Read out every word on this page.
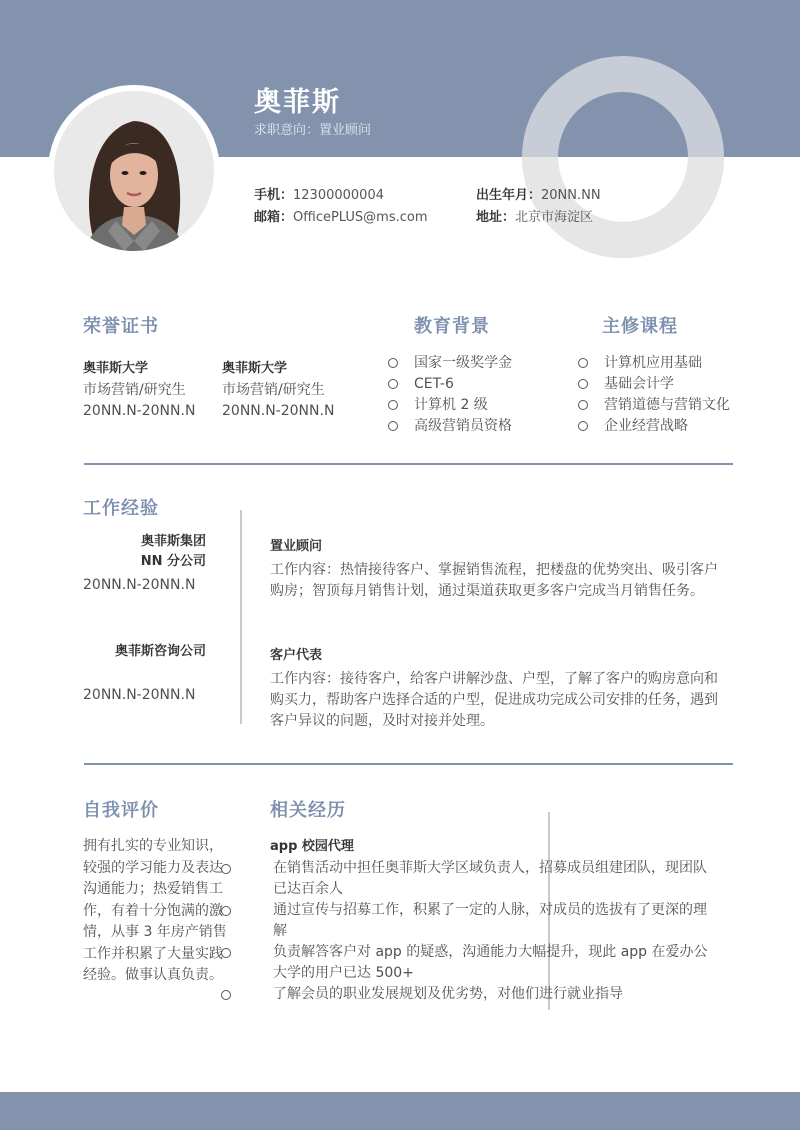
奥菲斯
求职意向：置业顾问
手机：12300000004
邮箱：OfficePLUS@ms.com
出生年月：20NN.NN
地址：北京市海淀区
荣誉证书
奥菲斯大学
市场营销/研究生
20NN.N-20NN.N
奥菲斯大学
市场营销/研究生
20NN.N-20NN.N
教育背景
国家一级奖学金
CET-6
计算机 2 级
高级营销员资格
主修课程
计算机应用基础
基础会计学
营销道德与营销文化
企业经营战略
工作经验
奥菲斯集团
NN 分公司
20NN.N-20NN.N
置业顾问
工作内容：热情接待客户、掌握销售流程，把楼盘的优势突出、吸引客户购房；智顶每月销售计划，通过渠道获取更多客户完成当月销售任务。
奥菲斯咨询公司
20NN.N-20NN.N
客户代表
工作内容：接待客户，给客户讲解沙盘、户型，了解了客户的购房意向和购买力，帮助客户选择合适的户型，促进成功完成公司安排的任务，遇到客户异议的问题，及时对接并处理。
自我评价
拥有扎实的专业知识，较强的学习能力及表达沟通能力；热爱销售工作，有着十分饱满的激情，从事 3 年房产销售工作并积累了大量实践经验。做事认真负责。
相关经历
app 校园代理
在销售活动中担任奥菲斯大学区域负责人，招募成员组建团队，现团队已达百余人
通过宣传与招募工作，积累了一定的人脉，对成员的选拔有了更深的理解
负责解答客户对 app 的疑惑，沟通能力大幅提升，现此 app 在爱办公大学的用户已达 500+
了解会员的职业发展规划及优劣势，对他们进行就业指导
